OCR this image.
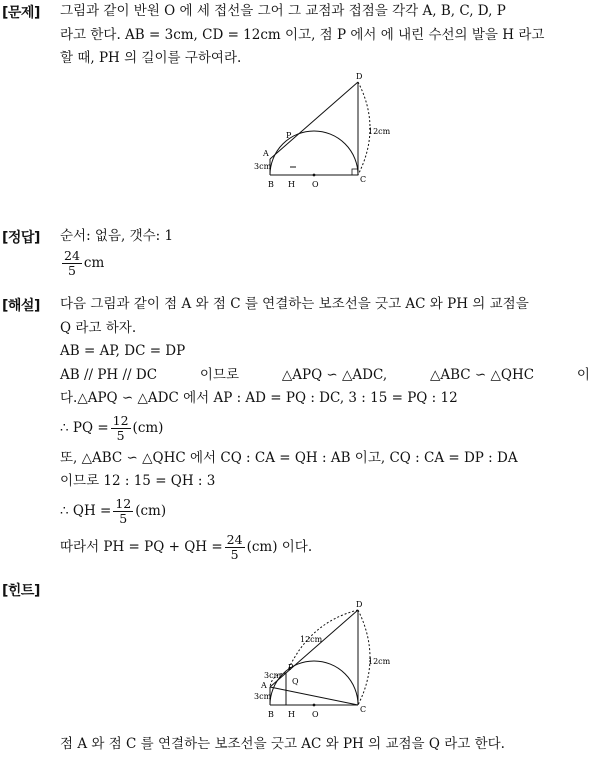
[문제] 그림과 같이 반원 O 에 세 접선을 그어 그 교점과 접점을 각각 A, B, C, D, P
라고 한다. AB = 3cm, CD = 12cm 이고, 점 P 에서 에 내린 수선의 발을 H 라고
할 때, PH 의 길이를 구하여라.
D
P
A
3cm
B H O
C
12cm
[정답] 순서: 없음, 갯수: 1
$\frac{24}{5}$ cm
[해설] 다음 그림과 같이 점 A 와 점 C 를 연결하는 보조선을 긋고 AC 와 PH 의 교점을
Q 라고 하자.
AB = AP, DC = DP
AB // PH // DC	이므로	△APQ ∽ △ADC,	△ABC ∽ △QHC	이
다.△APQ ∽ △ADC 에서 AP : AD = PQ : DC, 3 : 15 = PQ : 12
∴ PQ = $\frac{12}{5} (cm)$
또, △ABC ∽ △QHC 에서 CQ : CA = QH : AB 이고, CQ : CA = DP : DA
이므로 12 : 15 = QH : 3
∴ QH = $\frac{12}{5} (cm)$
따라서 PH = PQ + QH = $\frac{24}{5} (cm)$ 이다.
[힌트]
D
12cm
P
3cm
Q
A
3cm
B H O
C
12cm
점 A 와 점 C 를 연결하는 보조선을 긋고 AC 와 PH 의 교점을 Q 라고 한다.
